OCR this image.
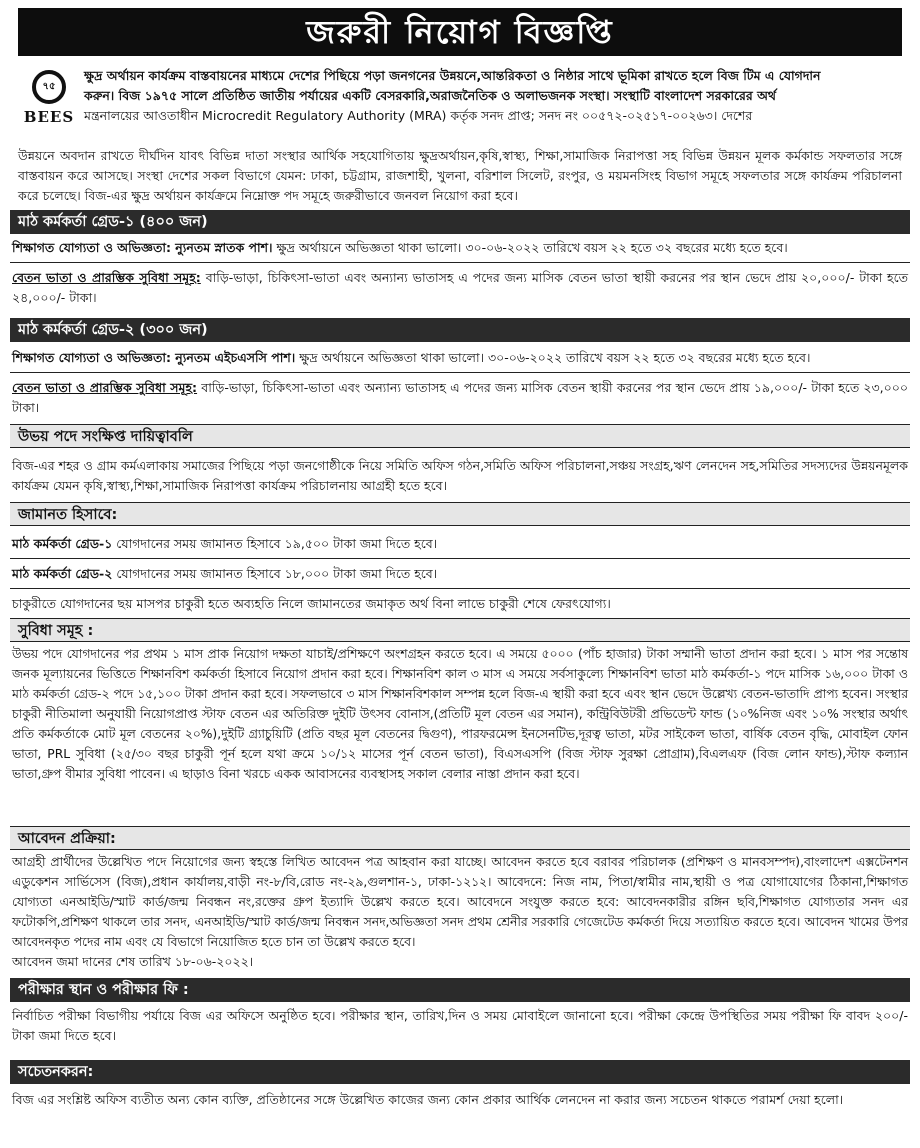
জরুরী নিয়োগ বিজ্ঞপ্তি
৭৫
BEES
ক্ষুদ্র অর্থায়ন কার্যক্রম বাস্তবায়নের মাধ্যমে দেশের পিছিয়ে পড়া জনগনের উন্নয়নে,আন্তরিকতা ও নিষ্ঠার সাথে ভূমিকা রাখতে হলে বিজ টিম এ যোগদান
করুন। বিজ ১৯৭৫ সালে প্রতিষ্ঠিত জাতীয় পর্যায়ের একটি বেসরকারি,অরাজনৈতিক ও অলাভজনক সংস্থা। সংস্থাটি বাংলাদেশ সরকারের অর্থ
মন্ত্রনালয়ের আওতাধীন Microcredit Regulatory Authority (MRA) কর্তৃক সনদ প্রাপ্ত; সনদ নং ০০৫৭২-০২৫১৭-০০২৬৩। দেশের
উন্নয়নে অবদান রাখতে দীর্ঘদিন যাবৎ বিভিন্ন দাতা সংস্থার আর্থিক সহযোগিতায় ক্ষুদ্রঅর্থায়ন,কৃষি,স্বাস্থ্য, শিক্ষা,সামাজিক নিরাপত্তা সহ বিভিন্ন উন্নয়ন মূলক কর্মকান্ড সফলতার সঙ্গে বাস্তবায়ন করে আসছে। সংস্থা দেশের সকল বিভাগে যেমন: ঢাকা, চট্টগ্রাম, রাজশাহী, খুলনা, বরিশাল সিলেট, রংপুর, ও ময়মনসিংহ বিভাগ সমূহে সফলতার সঙ্গে কার্যক্রম পরিচালনা করে চলেছে। বিজ-এর ক্ষুদ্র অর্থায়ন কার্যক্রমে নিম্নোক্ত পদ সমূহে জরুরীভাবে জনবল নিয়োগ করা হবে।
মাঠ কর্মকর্তা গ্রেড-১ (৪০০ জন)
শিক্ষাগত যোগ্যতা ও অভিজ্ঞতা: ন্যুনতম স্নাতক পাশ। ক্ষুদ্র অর্থায়নে অভিজ্ঞতা থাকা ভালো। ৩০-০৬-২০২২ তারিখে বয়স ২২ হতে ৩২ বছরের মধ্যে হতে হবে।
বেতন ভাতা ও প্রারম্ভিক সুবিধা সমূহ: বাড়ি-ভাড়া, চিকিৎসা-ভাতা এবং অন্যান্য ভাতাসহ এ পদের জন্য মাসিক বেতন ভাতা স্থায়ী করনের পর স্থান ভেদে প্রায় ২০,০০০/- টাকা হতে ২৪,০০০/- টাকা।
মাঠ কর্মকর্তা গ্রেড-২ (৩০০ জন)
শিক্ষাগত যোগ্যতা ও অভিজ্ঞতা: ন্যুনতম এইচএসসি পাশ। ক্ষুদ্র অর্থায়নে অভিজ্ঞতা থাকা ভালো। ৩০-০৬-২০২২ তারিখে বয়স ২২ হতে ৩২ বছরের মধ্যে হতে হবে।
বেতন ভাতা ও প্রারম্ভিক সুবিধা সমূহ: বাড়ি-ভাড়া, চিকিৎসা-ভাতা এবং অন্যান্য ভাতাসহ এ পদের জন্য মাসিক বেতন স্থায়ী করনের পর স্থান ভেদে প্রায় ১৯,০০০/- টাকা হতে ২৩,০০০ টাকা।
উভয় পদে সংক্ষিপ্ত দায়িত্বাবলি
বিজ-এর শহর ও গ্রাম কর্মএলাকায় সমাজের পিছিয়ে পড়া জনগোষ্ঠীকে নিয়ে সমিতি অফিস গঠন,সমিতি অফিস পরিচালনা,সঞ্চয় সংগ্রহ,ঋণ লেনদেন সহ,সমিতির সদস্যদের উন্নয়নমূলক কার্যক্রম যেমন কৃষি,স্বাস্থ্য,শিক্ষা,সামাজিক নিরাপত্তা কার্যক্রম পরিচালনায় আগ্রহী হতে হবে।
জামানত হিসাবে:
মাঠ কর্মকর্তা গ্রেড-১ যোগদানের সময় জামানত হিসাবে ১৯,৫০০ টাকা জমা দিতে হবে।
মাঠ কর্মকর্তা গ্রেড-২ যোগদানের সময় জামানত হিসাবে ১৮,০০০ টাকা জমা দিতে হবে।
চাকুরীতে যোগদানের ছয় মাসপর চাকুরী হতে অব্যহতি নিলে জামানতের জমাকৃত অর্থ বিনা লাভে চাকুরী শেষে ফেরৎযোগ্য।
সুবিধা সমূহ :
উভয় পদে যোগদানের পর প্রথম ১ মাস প্রাক নিয়োগ দক্ষতা যাচাই/প্রশিক্ষণে অংশগ্রহন করতে হবে। এ সময়ে ৫০০০ (পাঁচ হাজার) টাকা সম্মানী ভাতা প্রদান করা হবে। ১ মাস পর সন্তোষ জনক মূল্যায়নের ভিত্তিতে শিক্ষানবিশ কর্মকর্তা হিসাবে নিয়োগ প্রদান করা হবে। শিক্ষানবিশ কাল ৩ মাস এ সময়ে সর্বসাকুল্যে শিক্ষানবিশ ভাতা মাঠ কর্মকর্তা-১ পদে মাসিক ১৬,০০০ টাকা ও মাঠ কর্মকর্তা গ্রেড-২ পদে ১৫,১০০ টাকা প্রদান করা হবে। সফলভাবে ৩ মাস শিক্ষানবিশকাল সম্পন্ন হলে বিজ-এ স্থায়ী করা হবে এবং স্থান ভেদে উল্লেখ্য বেতন-ভাতাদি প্রাপ্য হবেন। সংস্থার চাকুরী নীতিমালা অনুযায়ী নিয়োগপ্রাপ্ত স্টাফ বেতন এর অতিরিক্ত দুইটি উৎসব বোনাস,(প্রতিটি মূল বেতন এর সমান), কন্ট্রিবিউটরী প্রভিডেন্ট ফান্ড (১০%নিজ এবং ১০% সংস্থার অর্থাৎ প্রতি কর্মকর্তাকে মোট মূল বেতনের ২০%),দুইটি গ্র্যাচুয়িটি (প্রতি বছর মূল বেতনের দ্বিগুণ), পারফরমেন্স ইনসেনটিভ,দূরত্ব ভাতা, মটর সাইকেল ভাতা, বার্ষিক বেতন বৃদ্ধি, মোবাইল ফোন ভাতা, PRL সুবিধা (২৫/৩০ বছর চাকুরী পূর্ন হলে যথা ক্রমে ১০/১২ মাসের পূর্ন বেতন ভাতা), বিএসএসপি (বিজ স্টাফ সুরক্ষা প্রোগ্রাম),বিএলএফ (বিজ লোন ফান্ড),স্টাফ কল্যান ভাতা,গ্রুপ বীমার সুবিধা পাবেন। এ ছাড়াও বিনা খরচে একক আবাসনের ব্যবস্থাসহ সকাল বেলার নাস্তা প্রদান করা হবে।
আবেদন প্রক্রিয়া:
আগ্রহী প্রার্থীদের উল্লেখিত পদে নিয়োগের জন্য স্বহস্তে লিখিত আবেদন পত্র আহবান করা যাচ্ছে। আবেদন করতে হবে বরাবর পরিচালক (প্রশিক্ষণ ও মানবসম্পদ),বাংলাদেশ এক্সটেনশন এডুকেশন সার্ভিসেস (বিজ),প্রধান কার্যালয়,বাড়ী নং-৮/বি,রোড নং-২৯,গুলশান-১, ঢাকা-১২১২। আবেদনে: নিজ নাম, পিতা/স্বামীর নাম,স্থায়ী ও পত্র যোগাযোগের ঠিকানা,শিক্ষাগত যোগ্যতা এনআইডি/স্মাট কার্ড/জন্ম নিবন্ধন নং,রক্তের গ্রুপ ইত্যাদি উল্লেখ করতে হবে। আবেদনে সংযুক্ত করতে হবে: আবেদনকারীর রঙ্গিন ছবি,শিক্ষাগত যোগ্যতার সনদ এর ফটোকপি,প্রশিক্ষণ থাকলে তার সনদ, এনআইডি/স্মাট কার্ড/জন্ম নিবন্ধন সনদ,অভিজ্ঞতা সনদ প্রথম শ্রেনীর সরকারি গেজেটেড কর্মকর্তা দিয়ে সত্যায়িত করতে হবে। আবেদন খামের উপর আবেদনকৃত পদের নাম এবং যে বিভাগে নিয়োজিত হতে চান তা উল্লেখ করতে হবে।
আবেদন জমা দানের শেষ তারিখ ১৮-০৬-২০২২।
পরীক্ষার স্থান ও পরীক্ষার ফি :
নির্বাচিত পরীক্ষা বিভাগীয় পর্যায়ে বিজ এর অফিসে অনুষ্ঠিত হবে। পরীক্ষার স্থান, তারিখ,দিন ও সময় মোবাইলে জানানো হবে। পরীক্ষা কেন্দ্রে উপস্থিতির সময় পরীক্ষা ফি বাবদ ২০০/-টাকা জমা দিতে হবে।
সচেতনকরন:
বিজ এর সংশ্লিষ্ট অফিস ব্যতীত অন্য কোন ব্যক্তি, প্রতিষ্ঠানের সঙ্গে উল্লেখিত কাজের জন্য কোন প্রকার আর্থিক লেনদেন না করার জন্য সচেতন থাকতে পরামর্শ দেয়া হলো।
